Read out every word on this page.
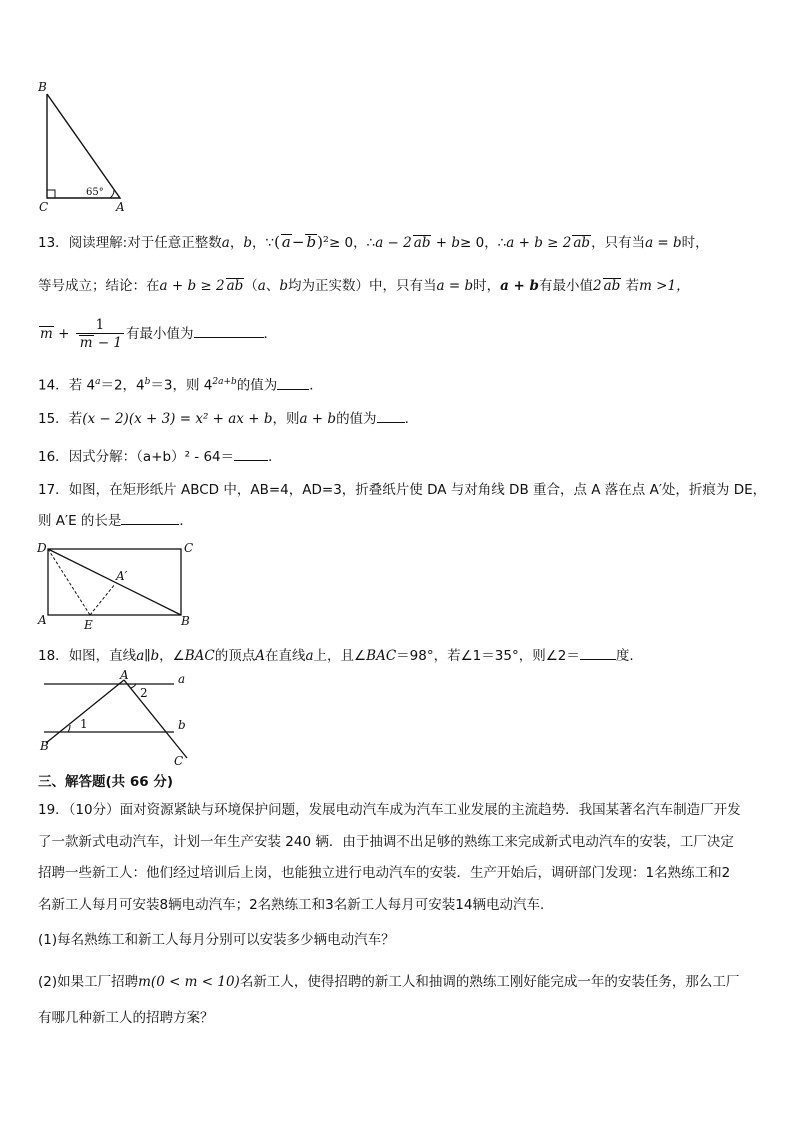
B
C	A
65°
13．阅读理解:对于任意正整数a，b，∵( a− b)²≥ 0，∴a − 2 ab + b≥ 0，∴a + b ≥ 2 ab，只有当a = b时，
等号成立；结论：在a + b ≥ 2 ab（a、b均为正实数）中，只有当a = b时，a + b有最小值2 ab 若m >1，
$m + \frac{1}{m - 1}$ 有最小值为	．
14．若 $4^a=2$，$4^b=3$，则 $4^{2a+b}$的值为 ．
15．若(x − 2)(x + 3) = x² + ax + b，则a + b的值为 .
16．因式分解：（a+b）² - 64＝	．
17．如图，在矩形纸片 ABCD 中，AB=4，AD=3，折叠纸片使 DA 与对角线 DB 重合，点 A 落在点 A′处，折痕为 DE，
则 A′E 的长是	．
D	C
A′
A	E	B
18．如图，直线a∥b，∠BAC的顶点A在直线a上，且∠BAC＝98°，若∠1＝35°，则∠2＝	度.
A	a
2
1	b
B
C
三、解答题(共 66 分)
19．（10分）面对资源紧缺与环境保护问题，发展电动汽车成为汽车工业发展的主流趋势．我国某著名汽车制造厂开发
了一款新式电动汽车，计划一年生产安装 240 辆．由于抽调不出足够的熟练工来完成新式电动汽车的安装，工厂决定
招聘一些新工人：他们经过培训后上岗，也能独立进行电动汽车的安装．生产开始后，调研部门发现：1名熟练工和2
名新工人每月可安装8辆电动汽车；2名熟练工和3名新工人每月可安装14辆电动汽车．
(1)每名熟练工和新工人每月分别可以安装多少辆电动汽车？
(2)如果工厂招聘m(0 < m < 10)名新工人，使得招聘的新工人和抽调的熟练工刚好能完成一年的安装任务，那么工厂
有哪几种新工人的招聘方案？
